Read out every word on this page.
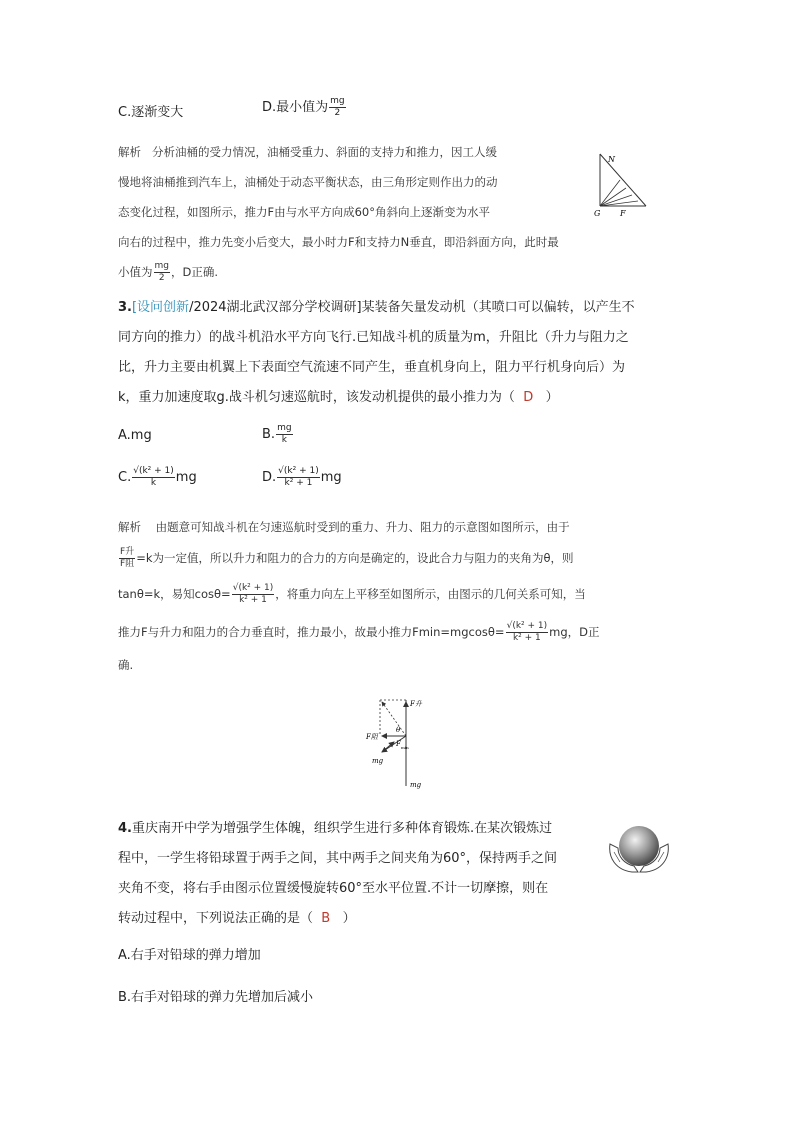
C.逐渐变大	D.最小值为 $\frac{mg}{2}$
解析 分析油桶的受力情况，油桶受重力、斜面的支持力和推力，因工人缓
慢地将油桶推到汽车上，油桶处于动态平衡状态，由三角形定则作出力的动
态变化过程，如图所示，推力F由与水平方向成60°角斜向上逐渐变为水平
向右的过程中，推力先变小后变大，最小时力F和支持力N垂直，即沿斜面方向，此时最
小值为 $\frac{mg}{2}$ ，D正确.
N
G F
3.[设问创新/2024湖北武汉部分学校调研]某装备矢量发动机（其喷口可以偏转，以产生不
同方向的推力）的战斗机沿水平方向飞行.已知战斗机的质量为m，升阻比（升力与阻力之
比，升力主要由机翼上下表面空气流速不同产生，垂直机身向上，阻力平行机身向后）为
k，重力加速度取g.战斗机匀速巡航时，该发动机提供的最小推力为（ D ）
A.mg	B. $\frac{mg}{k}$
C. $\frac{\text{√(k² + 1)}}{k}$ mg	D. $\frac{\text{√(k² + 1)}}{\text{k² + 1}}$ mg
解析 由题意可知战斗机在匀速巡航时受到的重力、升力、阻力的示意图如图所示，由于
$\frac{\text{F升}}{\text{F阻}} =k$为一定值，所以升力和阻力的合力的方向是确定的，设此合力与阻力的夹角为θ，则
tanθ=k，易知$\cos\theta= \frac{\text{√(k² + 1)}}{\text{k² + 1}}$ ，将重力向左上平移至如图所示，由图示的几何关系可知，当
推力F与升力和阻力的合力垂直时，推力最小，故最小推力$Fmin=mgcos\theta= \frac{\text{√(k² + 1)}}{\text{k² + 1}}$ mg，D正
确.
F升
F阻
θ
F min
mg
mg
4.重庆南开中学为增强学生体魄，组织学生进行多种体育锻炼.在某次锻炼过
程中，一学生将铅球置于两手之间，其中两手之间夹角为60°，保持两手之间
夹角不变，将右手由图示位置缓慢旋转60°至水平位置.不计一切摩擦，则在
转动过程中，下列说法正确的是（ B ）
A.右手对铅球的弹力增加
B.右手对铅球的弹力先增加后减小
